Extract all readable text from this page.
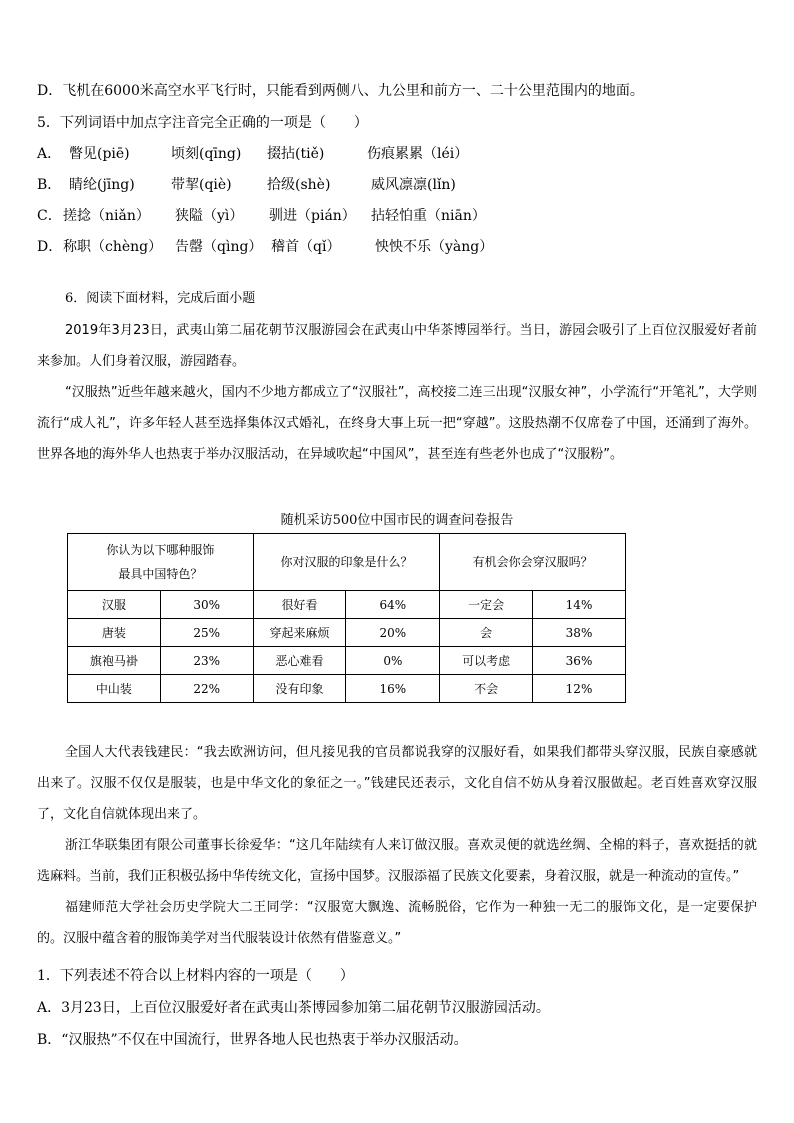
D．飞机在6000米高空水平飞行时，只能看到两侧八、九公里和前方一、二十公里范围内的地面。
5．下列词语中加点字注音完全正确的一项是（　　）
A． 瞥见(piē)	顷刻(qīng) 掇拈(tiě)	伤痕累累（léi）
B． 睛纶(jīng)	带挈(qiè)	拾级(shè)	威风凛凛(lǐn)
C．搓捻（niǎn） 狭隘（yì） 驯进（pián） 拈轻怕重（niān）
D．称职（chèng） 告罄（qìng） 稽首（qǐ） 怏怏不乐（yàng）
6．阅读下面材料，完成后面小题

2019年3月23日，武夷山第二届花朝节汉服游园会在武夷山中华茶博园举行。当日，游园会吸引了上百位汉服爱好者前来参加。人们身着汉服，游园踏春。

“汉服热”近些年越来越火，国内不少地方都成立了“汉服社”，高校接二连三出现“汉服女神”，小学流行“开笔礼”，大学则流行“成人礼”，许多年轻人甚至选择集体汉式婚礼，在终身大事上玩一把“穿越”。这股热潮不仅席卷了中国，还涌到了海外。世界各地的海外华人也热衷于举办汉服活动，在异域吹起“中国风”，甚至连有些老外也成了“汉服粉”。

随机采访500位中国市民的调查问卷报告
你认为以下哪种服饰
最具中国特色？		你对汉服的印象是什么？		有机会你会穿汉服吗？	
汉服	30%	很好看	64%	一定会	14%
唐装	25%	穿起来麻烦	20%	会	38%
旗袍马褂	23%	恶心难看	0%	可以考虑	36%
中山装	22%	没有印象	16%	不会	12%

全国人大代表钱建民：“我去欧洲访问，但凡接见我的官员都说我穿的汉服好看，如果我们都带头穿汉服，民族自豪感就出来了。汉服不仅仅是服装，也是中华文化的象征之一。”钱建民还表示，文化自信不妨从身着汉服做起。老百姓喜欢穿汉服了，文化自信就体现出来了。

浙江华联集团有限公司董事长徐爱华：“这几年陆续有人来订做汉服。喜欢灵便的就选丝绸、全棉的料子，喜欢挺括的就选麻料。当前，我们正积极弘扬中华传统文化，宣扬中国梦。汉服添福了民族文化要素，身着汉服，就是一种流动的宣传。”

福建师范大学社会历史学院大二王同学：“汉服宽大飘逸、流畅脱俗，它作为一种独一无二的服饰文化，是一定要保护的。汉服中蕴含着的服饰美学对当代服装设计依然有借鉴意义。”

1．下列表述不符合以上材料内容的一项是（　　）
A．3月23日，上百位汉服爱好者在武夷山茶博园参加第二届花朝节汉服游园活动。
B．“汉服热”不仅在中国流行，世界各地人民也热衷于举办汉服活动。
